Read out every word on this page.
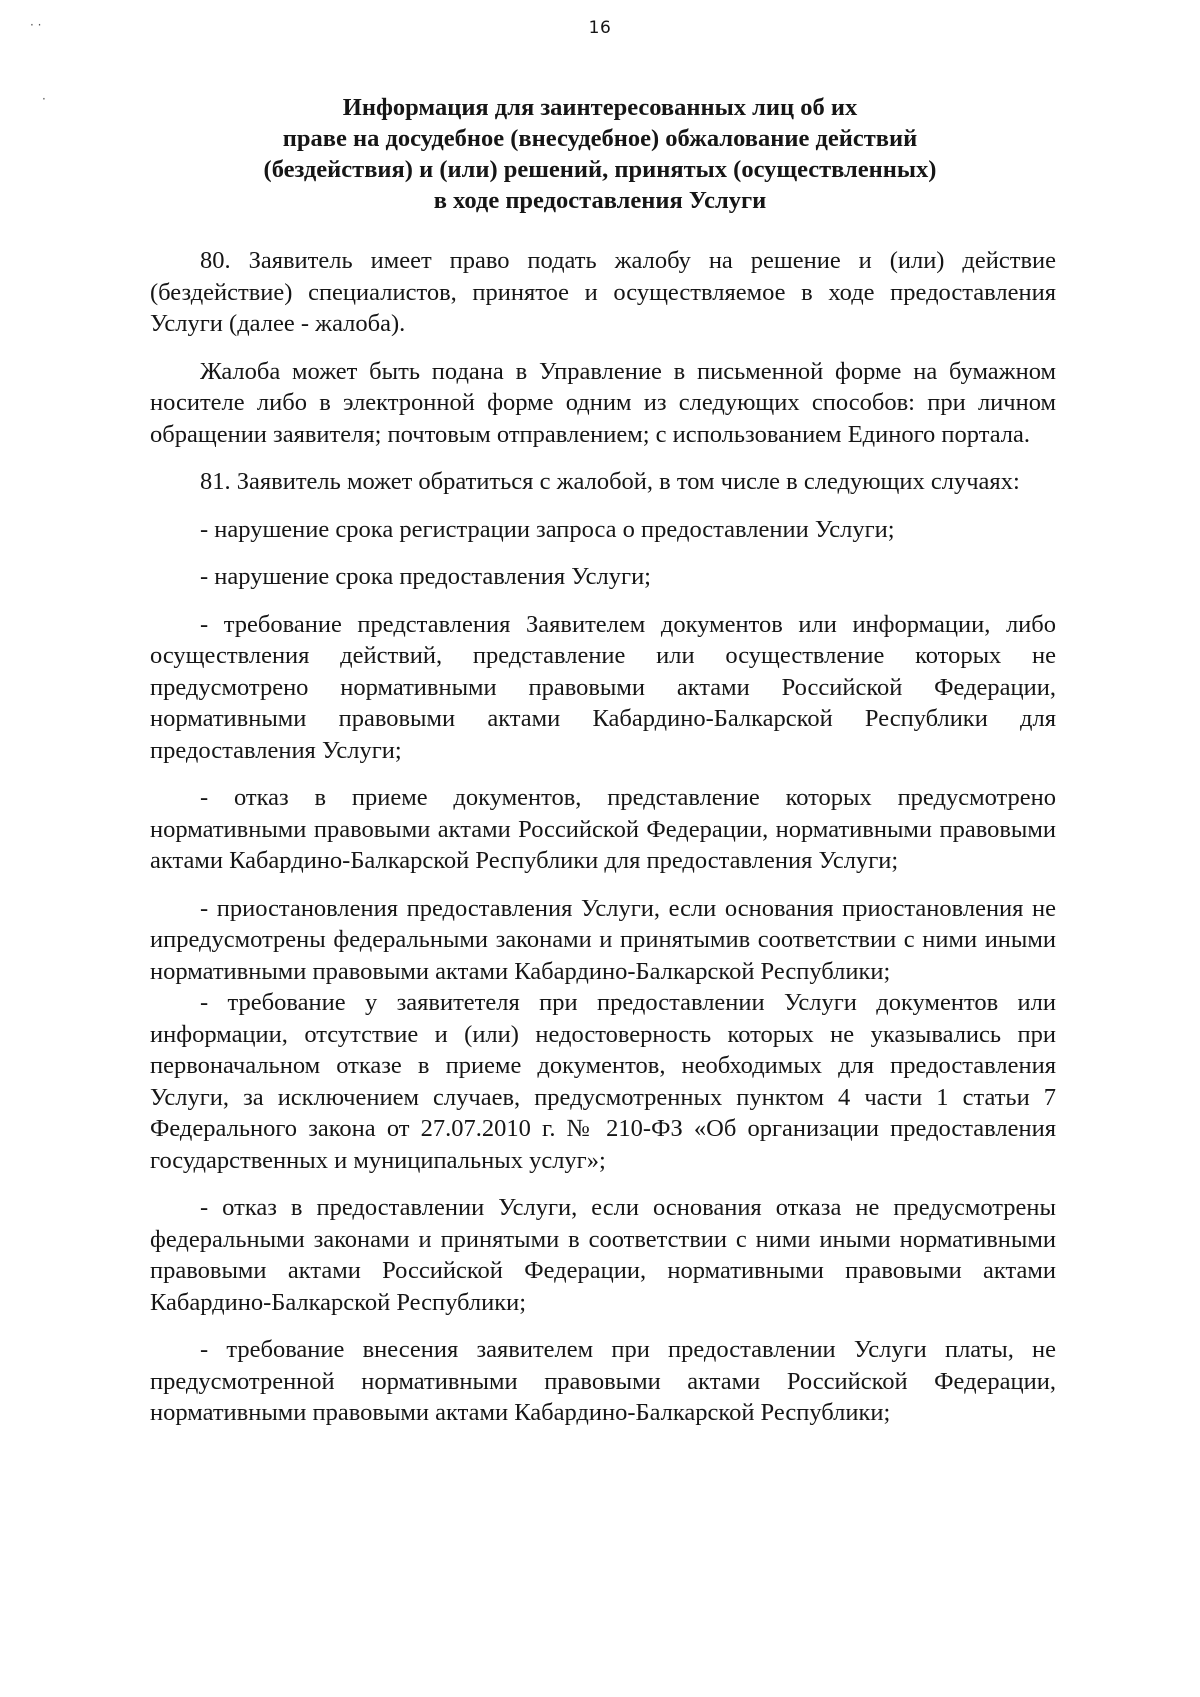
· ·
·
16
Информация для заинтересованных лиц об их
праве на досудебное (внесудебное) обжалование действий
(бездействия) и (или) решений, принятых (осуществленных)
в ходе предоставления Услуги

80. Заявитель имеет право подать жалобу на решение и (или) действие (бездействие) специалистов, принятое и осуществляемое в ходе предоставления Услуги (далее - жалоба).

Жалоба может быть подана в Управление в письменной форме на бумажном носителе либо в электронной форме одним из следующих способов: при личном обращении заявителя; почтовым отправлением; с использованием Единого портала.

81. Заявитель может обратиться с жалобой, в том числе в следующих случаях:

- нарушение срока регистрации запроса о предоставлении Услуги;

- нарушение срока предоставления Услуги;

- требование представления Заявителем документов или информации, либо осуществления действий, представление или осуществление которых не предусмотрено нормативными правовыми актами Российской Федерации, нормативными правовыми актами Кабардино-Балкарской Республики для предоставления Услуги;

- отказ в приеме документов, представление которых предусмотрено нормативными правовыми актами Российской Федерации, нормативными правовыми актами Кабардино-Балкарской Республики для предоставления Услуги;

- приостановления предоставления Услуги, если основания приостановления не ипредусмотрены федеральными законами и принятымив соответствии с ними иными нормативными правовыми актами Кабардино-Балкарской Республики;

- требование у заявитетеля при предоставлении Услуги документов или информации, отсутствие и (или) недостоверность которых не указывались при первоначальном отказе в приеме документов, необходимых для предоставления Услуги, за исключением случаев, предусмотренных пунктом 4 части 1 статьи 7 Федерального закона от 27.07.2010 г. № 210-ФЗ «Об организации предоставления государственных и муниципальных услуг»;

- отказ в предоставлении Услуги, если основания отказа не предусмотрены федеральными законами и принятыми в соответствии с ними иными нормативными правовыми актами Российской Федерации, нормативными правовыми актами Кабардино-Балкарской Республики;

- требование внесения заявителем при предоставлении Услуги платы, не предусмотренной нормативными правовыми актами Российской Федерации, нормативными правовыми актами Кабардино-Балкарской Республики;
